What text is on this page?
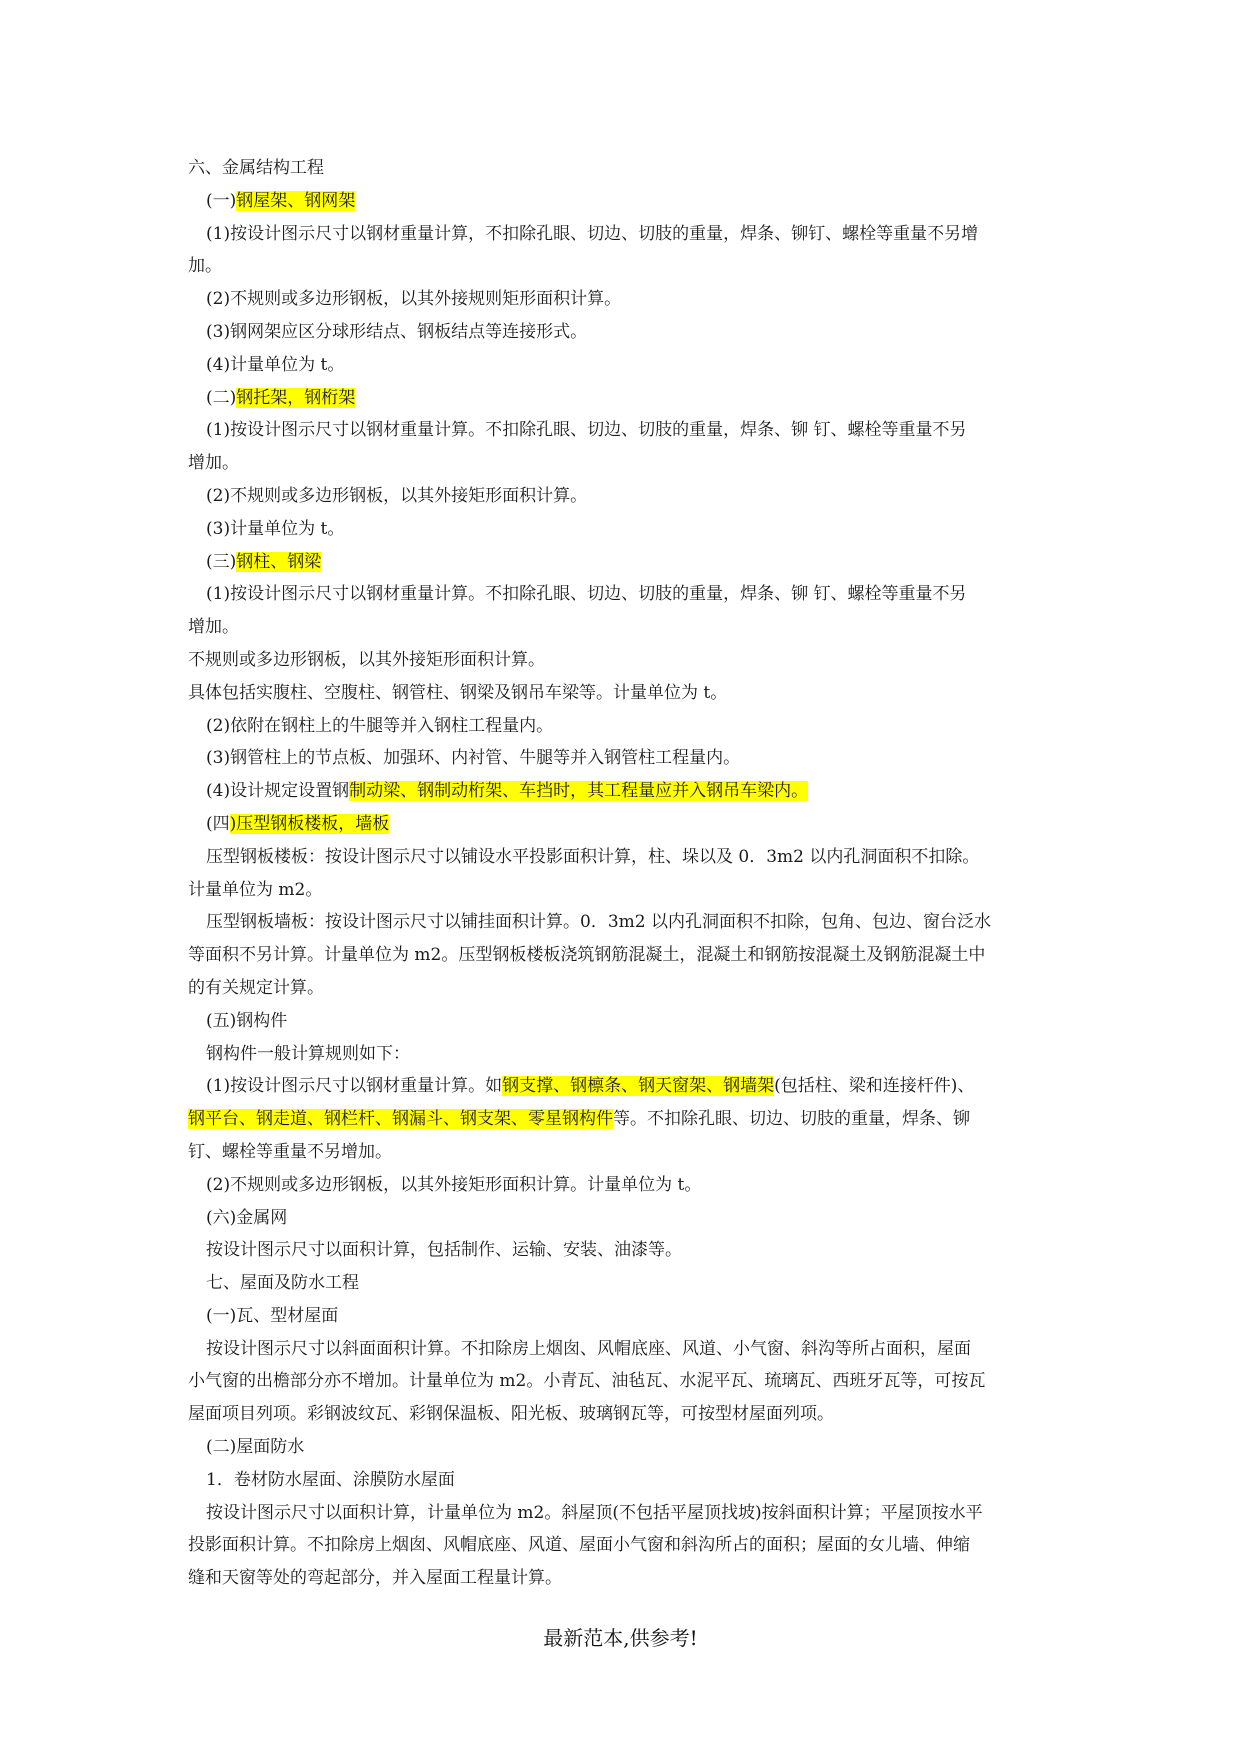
六、金属结构工程
(一)钢屋架、钢网架
(1)按设计图示尺寸以钢材重量计算，不扣除孔眼、切边、切肢的重量，焊条、铆钉、螺栓等重量不另增
加。
(2)不规则或多边形钢板，以其外接规则矩形面积计算。
(3)钢网架应区分球形结点、钢板结点等连接形式。
(4)计量单位为 t。
(二)钢托架，钢桁架
(1)按设计图示尺寸以钢材重量计算。不扣除孔眼、切边、切肢的重量，焊条、铆 钉、螺栓等重量不另
增加。
(2)不规则或多边形钢板，以其外接矩形面积计算。
(3)计量单位为 t。
(三)钢柱、钢梁
(1)按设计图示尺寸以钢材重量计算。不扣除孔眼、切边、切肢的重量，焊条、铆 钉、螺栓等重量不另
增加。
不规则或多边形钢板，以其外接矩形面积计算。
具体包括实腹柱、空腹柱、钢管柱、钢梁及钢吊车梁等。计量单位为 t。
(2)依附在钢柱上的牛腿等并入钢柱工程量内。
(3)钢管柱上的节点板、加强环、内衬管、牛腿等并入钢管柱工程量内。
(4)设计规定设置钢制动梁、钢制动桁架、车挡时，其工程量应并入钢吊车梁内。
(四)压型钢板楼板，墙板
压型钢板楼板：按设计图示尺寸以铺设水平投影面积计算，柱、垛以及 0．3m2 以内孔洞面积不扣除。
计量单位为 m2。
压型钢板墙板：按设计图示尺寸以铺挂面积计算。0．3m2 以内孔洞面积不扣除，包角、包边、窗台泛水
等面积不另计算。计量单位为 m2。压型钢板楼板浇筑钢筋混凝土，混凝土和钢筋按混凝土及钢筋混凝土中
的有关规定计算。
(五)钢构件
钢构件一般计算规则如下：
(1)按设计图示尺寸以钢材重量计算。如钢支撑、钢檩条、钢天窗架、钢墙架(包括柱、梁和连接杆件)、
钢平台、钢走道、钢栏杆、钢漏斗、钢支架、零星钢构件等。不扣除孔眼、切边、切肢的重量，焊条、铆
钉、螺栓等重量不另增加。
(2)不规则或多边形钢板，以其外接矩形面积计算。计量单位为 t。
(六)金属网
按设计图示尺寸以面积计算，包括制作、运输、安装、油漆等。
七、屋面及防水工程
(一)瓦、型材屋面
按设计图示尺寸以斜面面积计算。不扣除房上烟囱、风帽底座、风道、小气窗、斜沟等所占面积，屋面
小气窗的出檐部分亦不增加。计量单位为 m2。小青瓦、油毡瓦、水泥平瓦、琉璃瓦、西班牙瓦等，可按瓦
屋面项目列项。彩钢波纹瓦、彩钢保温板、阳光板、玻璃钢瓦等，可按型材屋面列项。
(二)屋面防水
1．卷材防水屋面、涂膜防水屋面
按设计图示尺寸以面积计算，计量单位为 m2。斜屋顶(不包括平屋顶找坡)按斜面积计算；平屋顶按水平
投影面积计算。不扣除房上烟囱、风帽底座、风道、屋面小气窗和斜沟所占的面积；屋面的女儿墙、伸缩
缝和天窗等处的弯起部分，并入屋面工程量计算。
最新范本,供参考!
